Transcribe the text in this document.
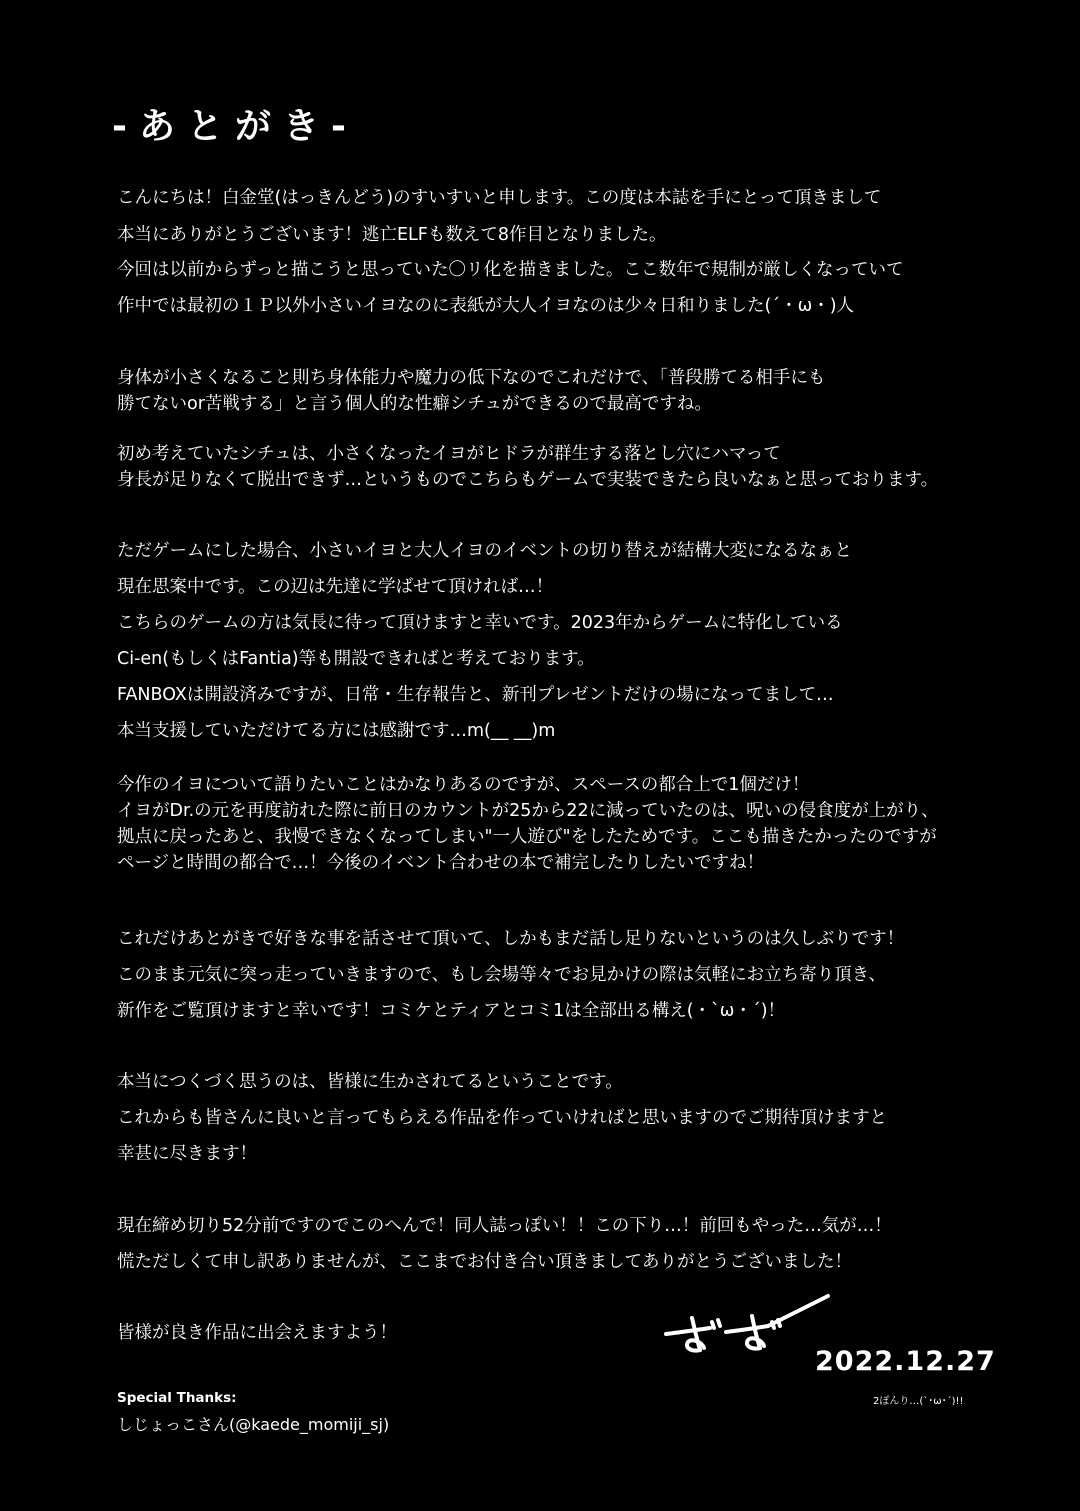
-あとがき-
こんにちは！白金堂(はっきんどう)のすいすいと申します。この度は本誌を手にとって頂きまして
本当にありがとうございます！逃亡ELFも数えて8作目となりました。
今回は以前からずっと描こうと思っていた〇リ化を描きました。ここ数年で規制が厳しくなっていて
作中では最初の１Ｐ以外小さいイヨなのに表紙が大人イヨなのは少々日和りました(´・ω・)人
身体が小さくなること則ち身体能力や魔力の低下なのでこれだけで、「普段勝てる相手にも
勝てないor苦戦する」と言う個人的な性癖シチュができるので最高ですね。
初め考えていたシチュは、小さくなったイヨがヒドラが群生する落とし穴にハマって
身長が足りなくて脱出できず…というものでこちらもゲームで実装できたら良いなぁと思っております。
ただゲームにした場合、小さいイヨと大人イヨのイベントの切り替えが結構大変になるなぁと
現在思案中です。この辺は先達に学ばせて頂ければ…！
こちらのゲームの方は気長に待って頂けますと幸いです。2023年からゲームに特化している
Ci-en(もしくはFantia)等も開設できればと考えております。
FANBOXは開設済みですが、日常・生存報告と、新刊プレゼントだけの場になってまして…
本当支援していただけてる方には感謝です…m(__ __)m
今作のイヨについて語りたいことはかなりあるのですが、スペースの都合上で1個だけ！
イヨがDr.の元を再度訪れた際に前日のカウントが25から22に減っていたのは、呪いの侵食度が上がり、
拠点に戻ったあと、我慢できなくなってしまい"一人遊び"をしたためです。ここも描きたかったのですが
ページと時間の都合で…！今後のイベント合わせの本で補完したりしたいですね！
これだけあとがきで好きな事を話させて頂いて、しかもまだ話し足りないというのは久しぶりです！
このまま元気に突っ走っていきますので、もし会場等々でお見かけの際は気軽にお立ち寄り頂き、
新作をご覧頂けますと幸いです！コミケとティアとコミ1は全部出る構え(・`ω・´)！
本当につくづく思うのは、皆様に生かされてるということです。
これからも皆さんに良いと言ってもらえる作品を作っていければと思いますのでご期待頂けますと
幸甚に尽きます！
現在締め切り52分前ですのでこのへんで！同人誌っぽい！！この下り…！前回もやった…気が…！
慌ただしくて申し訳ありませんが、ここまでお付き合い頂きましてありがとうございました！
皆様が良き作品に出会えますよう！
2022.12.27
2ぽんり…(`･ω･´)!!
Special Thanks:
しじょっこさん(@kaede_momiji_sj)
